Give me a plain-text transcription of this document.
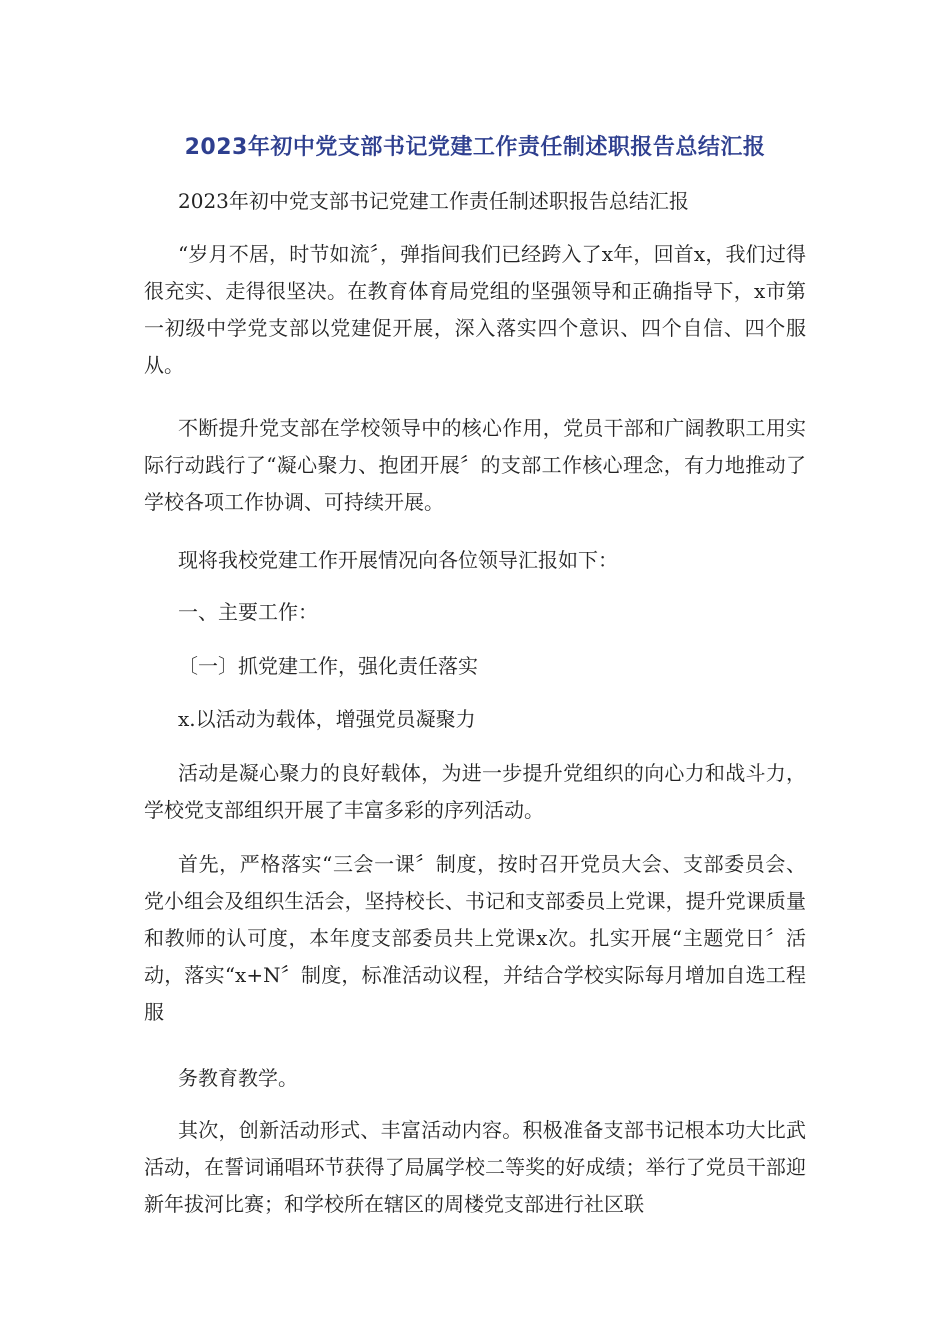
2023年初中党支部书记党建工作责任制述职报告总结汇报

2023年初中党支部书记党建工作责任制述职报告总结汇报

“岁月不居，时节如流〞，弹指间我们已经跨入了x年，回首x，我们过得很充实、走得很坚决。在教育体育局党组的坚强领导和正确指导下，x市第一初级中学党支部以党建促开展，深入落实四个意识、四个自信、四个服从。

不断提升党支部在学校领导中的核心作用，党员干部和广阔教职工用实际行动践行了“凝心聚力、抱团开展〞的支部工作核心理念，有力地推动了学校各项工作协调、可持续开展。

现将我校党建工作开展情况向各位领导汇报如下：

一、主要工作：

〔一〕抓党建工作，强化责任落实

x.以活动为载体，增强党员凝聚力

活动是凝心聚力的良好载体，为进一步提升党组织的向心力和战斗力，学校党支部组织开展了丰富多彩的序列活动。

首先，严格落实“三会一课〞制度，按时召开党员大会、支部委员会、党小组会及组织生活会，坚持校长、书记和支部委员上党课，提升党课质量和教师的认可度，本年度支部委员共上党课x次。扎实开展“主题党日〞活动，落实“x+N〞制度，标准活动议程，并结合学校实际每月增加自选工程服

务教育教学。

其次，创新活动形式、丰富活动内容。积极准备支部书记根本功大比武活动，在誓词诵唱环节获得了局属学校二等奖的好成绩；举行了党员干部迎新年拔河比赛；和学校所在辖区的周楼党支部进行社区联
